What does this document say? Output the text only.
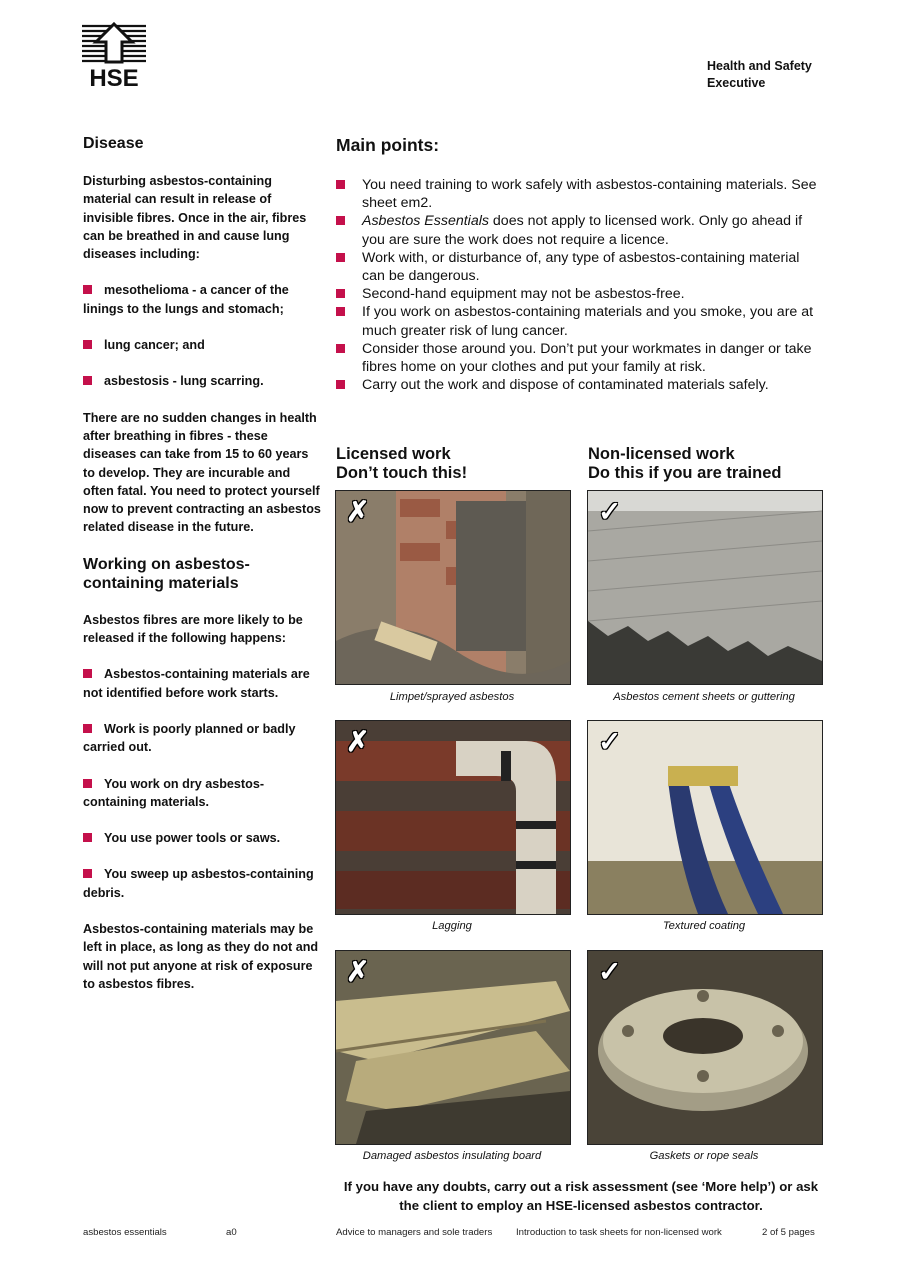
HSE	Health and Safety
Executive
Disease

Disturbing asbestos-containing material can result in release of invisible fibres. Once in the air, fibres can be breathed in and cause lung diseases including:

mesothelioma - a cancer of the linings to the lungs and stomach;

lung cancer; and

asbestosis - lung scarring.

There are no sudden changes in health after breathing in fibres - these diseases can take from 15 to 60 years to develop. They are incurable and often fatal. You need to protect yourself now to prevent contracting an asbestos related disease in the future.

Working on asbestos-containing materials

Asbestos fibres are more likely to be released if the following happens:

Asbestos-containing materials are not identified before work starts.

Work is poorly planned or badly carried out.

You work on dry asbestos-containing materials.

You use power tools or saws.

You sweep up asbestos-containing debris.

Asbestos-containing materials may be left in place, as long as they do not and will not put anyone at risk of exposure to asbestos fibres.

Main points:
You need training to work safely with asbestos-containing materials. See sheet em2.
Asbestos Essentials does not apply to licensed work. Only go ahead if you are sure the work does not require a licence.
Work with, or disturbance of, any type of asbestos-containing material can be dangerous.
Second-hand equipment may not be asbestos-free.
If you work on asbestos-containing materials and you smoke, you are at much greater risk of lung cancer.
Consider those around you. Don’t put your workmates in danger or take fibres home on your clothes and put your family at risk.
Carry out the work and dispose of contaminated materials safely.
Licensed work
Don’t touch this!
Non-licensed work
Do this if you are trained
✗
Limpet/sprayed asbestos
✗
Lagging
✗
Damaged asbestos insulating board
✓
Asbestos cement sheets or guttering
✓
Textured coating
✓
Gaskets or rope seals
If you have any doubts, carry out a risk assessment (see ‘More help’) or ask the client to employ an HSE-licensed asbestos contractor.
asbestos essentials	a0	Advice to managers and sole traders Introduction to task sheets for non-licensed work	2 of 5 pages
